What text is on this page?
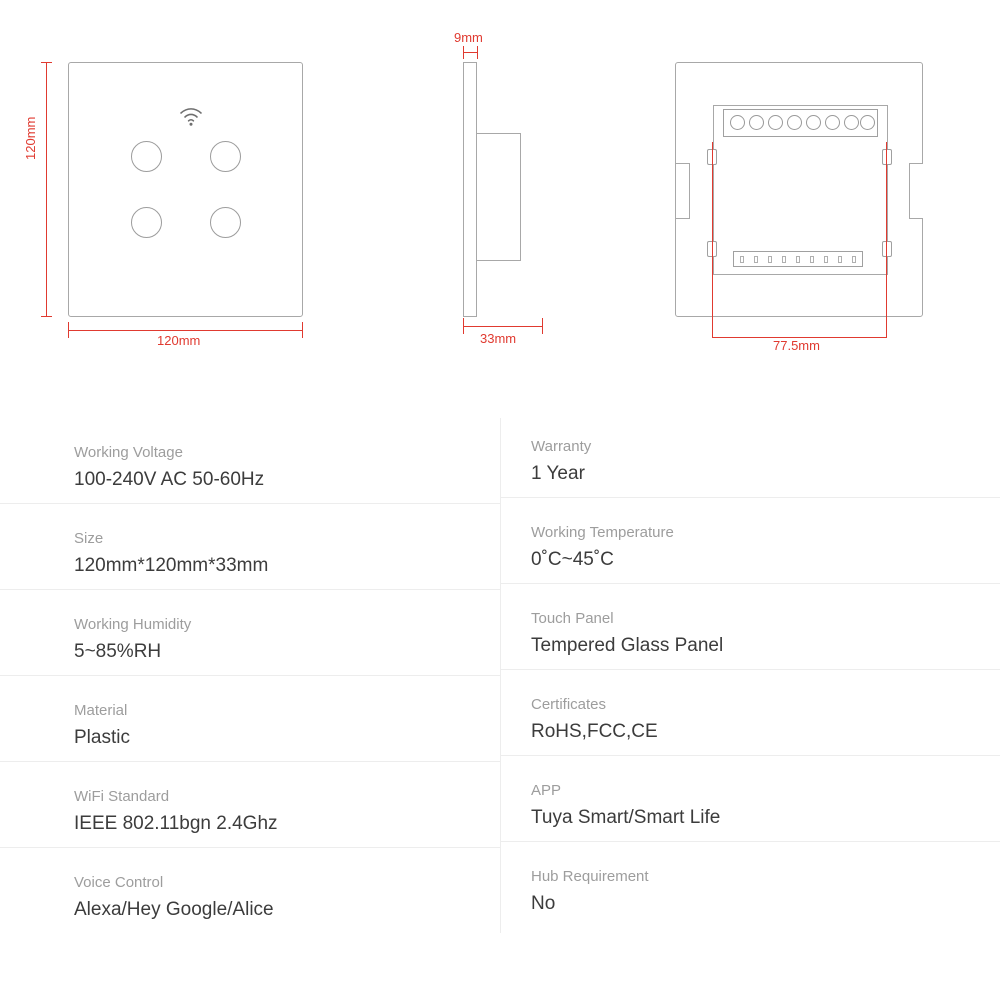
120mm
120mm
9mm
33mm	77.5mm
Working Voltage
100-240V AC 50-60Hz
Size
120mm*120mm*33mm
Working Humidity
5~85%RH
Material
Plastic
WiFi Standard
IEEE 802.11bgn 2.4Ghz
Voice Control
Alexa/Hey Google/Alice
Warranty
1 Year
Working Temperature
0˚C~45˚C
Touch Panel
Tempered Glass Panel
Certificates
RoHS,FCC,CE
APP
Tuya Smart/Smart Life
Hub Requirement
No
